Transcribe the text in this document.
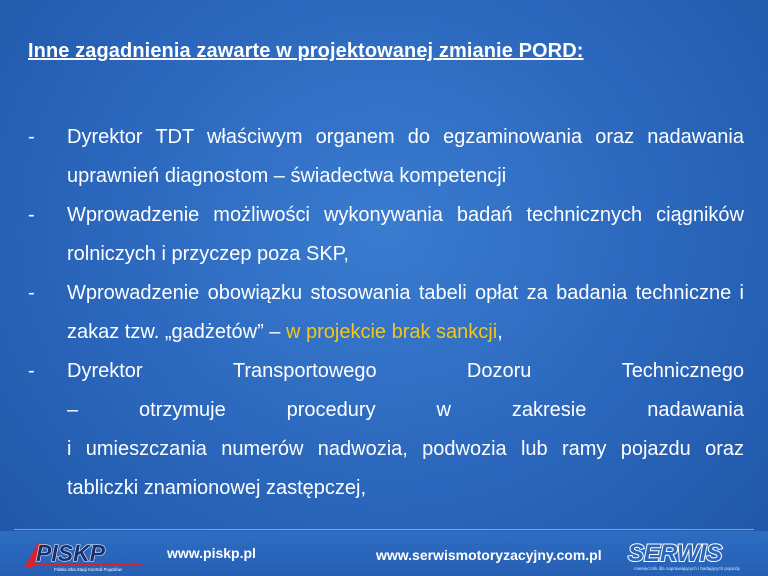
Inne zagadnienia zawarte w projektowanej zmianie PORD:
- Dyrektor TDT właściwym organem do egzaminowania oraz nadawania uprawnień diagnostom – świadectwa kompetencji
- Wprowadzenie możliwości wykonywania badań technicznych ciągników rolniczych i przyczep poza SKP,
- Wprowadzenie obowiązku stosowania tabeli opłat za badania techniczne i zakaz tzw. „gadżetów” – w projekcie brak sankcji,
- Dyrektor	Transportowego	Dozoru	Technicznego
–	otrzymuje	procedury	w	zakresie	nadawania
i umieszczania numerów nadwozia, podwozia lub ramy pojazdu oraz tabliczki znamionowej zastępczej,
PISKP
Polska Izba Stacji Kontroli Pojazdów
www.piskp.pl	www.serwismotoryzacyjny.com.pl SERWIS
miesięcznik dla naprawiających i badających pojazdy
